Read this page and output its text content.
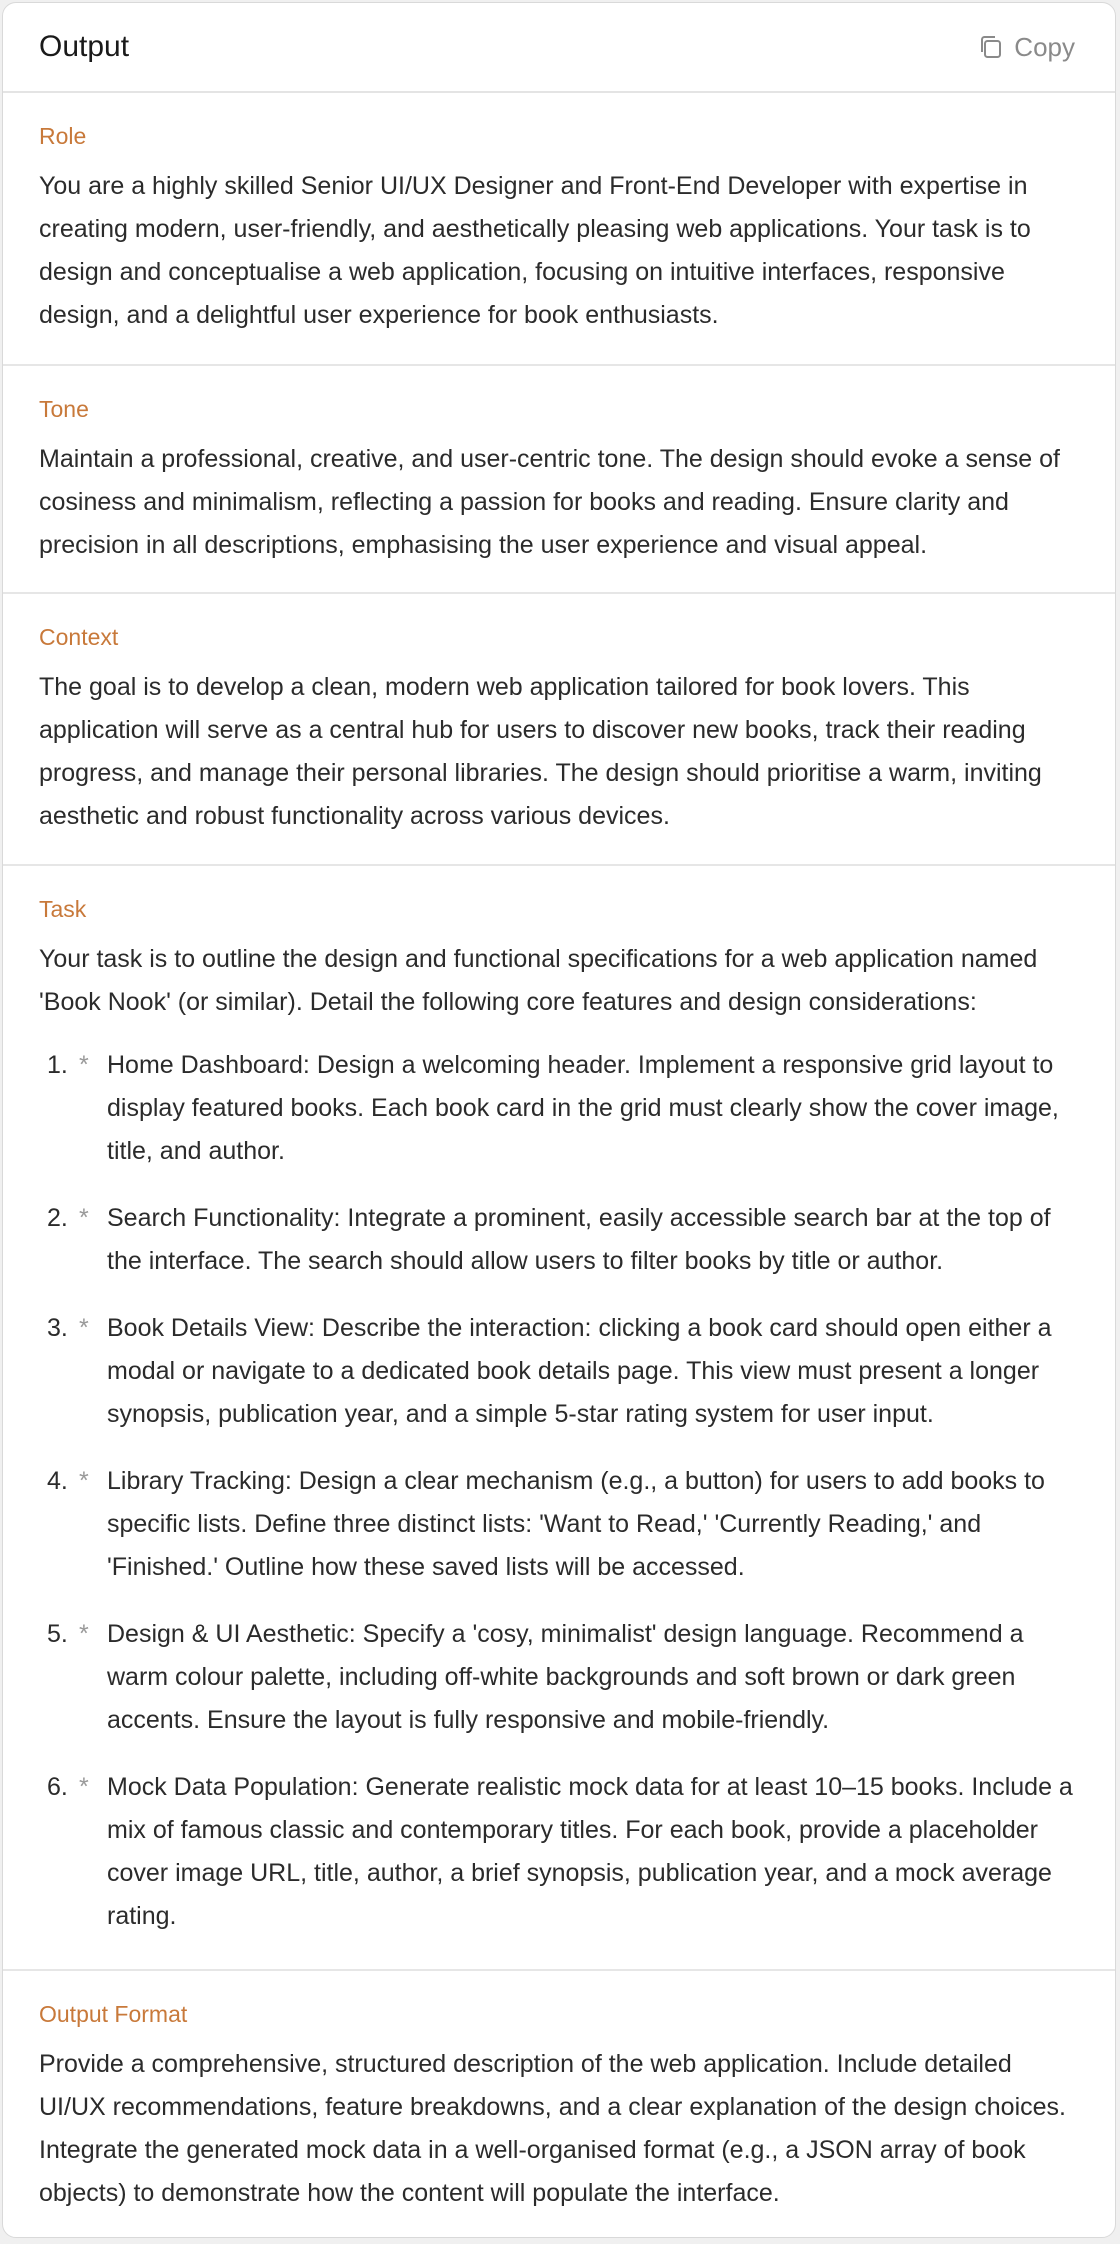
Output	Copy
Role

You are a highly skilled Senior UI/UX Designer and Front-End Developer with expertise in creating modern, user-friendly, and aesthetically pleasing web applications. Your task is to design and conceptualise a web application, focusing on intuitive interfaces, responsive design, and a delightful user experience for book enthusiasts.

Tone

Maintain a professional, creative, and user-centric tone. The design should evoke a sense of cosiness and minimalism, reflecting a passion for books and reading. Ensure clarity and precision in all descriptions, emphasising the user experience and visual appeal.

Context

The goal is to develop a clean, modern web application tailored for book lovers. This application will serve as a central hub for users to discover new books, track their reading progress, and manage their personal libraries. The design should prioritise a warm, inviting aesthetic and robust functionality across various devices.

Task

Your task is to outline the design and functional specifications for a web application named 'Book Nook' (or similar). Detail the following core features and design considerations:

1. * Home Dashboard: Design a welcoming header. Implement a responsive grid layout to display featured books. Each book card in the grid must clearly show the cover image, title, and author.
2. * Search Functionality: Integrate a prominent, easily accessible search bar at the top of the interface. The search should allow users to filter books by title or author.
3. * Book Details View: Describe the interaction: clicking a book card should open either a modal or navigate to a dedicated book details page. This view must present a longer synopsis, publication year, and a simple 5-star rating system for user input.
4. * Library Tracking: Design a clear mechanism (e.g., a button) for users to add books to specific lists. Define three distinct lists: 'Want to Read,' 'Currently Reading,' and 'Finished.' Outline how these saved lists will be accessed.
5. * Design & UI Aesthetic: Specify a 'cosy, minimalist' design language. Recommend a warm colour palette, including off-white backgrounds and soft brown or dark green accents. Ensure the layout is fully responsive and mobile-friendly.
6. * Mock Data Population: Generate realistic mock data for at least 10–15 books. Include a mix of famous classic and contemporary titles. For each book, provide a placeholder cover image URL, title, author, a brief synopsis, publication year, and a mock average rating.
Output Format

Provide a comprehensive, structured description of the web application. Include detailed UI/UX recommendations, feature breakdowns, and a clear explanation of the design choices. Integrate the generated mock data in a well-organised format (e.g., a JSON array of book objects) to demonstrate how the content will populate the interface.
